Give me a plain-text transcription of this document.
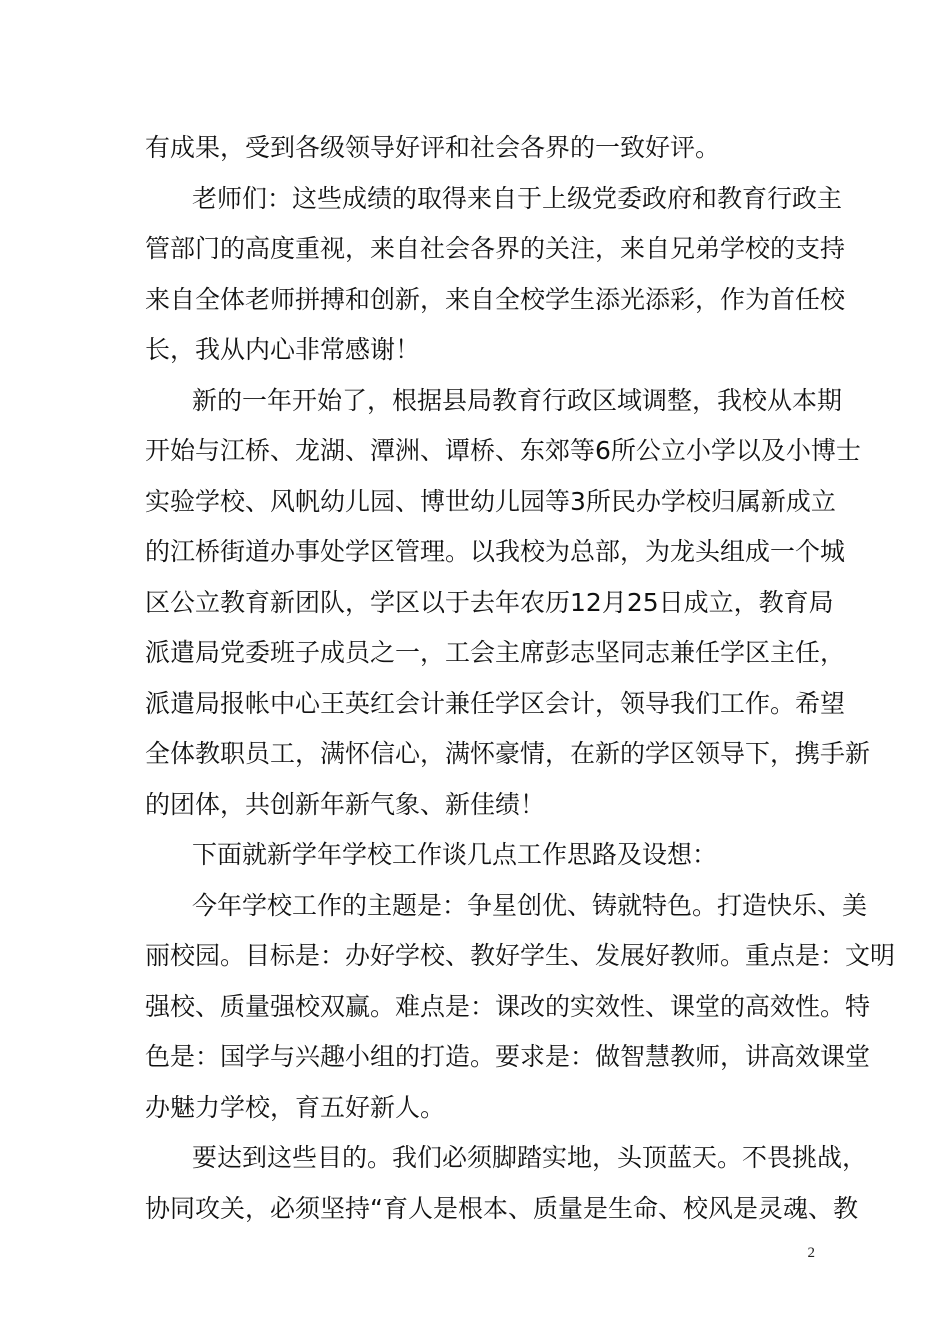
有成果，受到各级领导好评和社会各界的一致好评。
老师们：这些成绩的取得来自于上级党委政府和教育行政主
管部门的高度重视，来自社会各界的关注，来自兄弟学校的支持
来自全体老师拼搏和创新，来自全校学生添光添彩，作为首任校
长，我从内心非常感谢！
新的一年开始了，根据县局教育行政区域调整，我校从本期
开始与江桥、龙湖、潭洲、谭桥、东郊等6所公立小学以及小博士
实验学校、风帆幼儿园、博世幼儿园等3所民办学校归属新成立
的江桥街道办事处学区管理。以我校为总部，为龙头组成一个城
区公立教育新团队，学区以于去年农历12月25日成立，教育局
派遣局党委班子成员之一，工会主席彭志坚同志兼任学区主任，
派遣局报帐中心王英红会计兼任学区会计，领导我们工作。希望
全体教职员工，满怀信心，满怀豪情，在新的学区领导下，携手新
的团体，共创新年新气象、新佳绩！
下面就新学年学校工作谈几点工作思路及设想：
今年学校工作的主题是：争星创优、铸就特色。打造快乐、美
丽校园。目标是：办好学校、教好学生、发展好教师。重点是：文明
强校、质量强校双赢。难点是：课改的实效性、课堂的高效性。特
色是：国学与兴趣小组的打造。要求是：做智慧教师，讲高效课堂
办魅力学校，育五好新人。
要达到这些目的。我们必须脚踏实地，头顶蓝天。不畏挑战，
协同攻关，必须坚持“育人是根本、质量是生命、校风是灵魂、教
2
